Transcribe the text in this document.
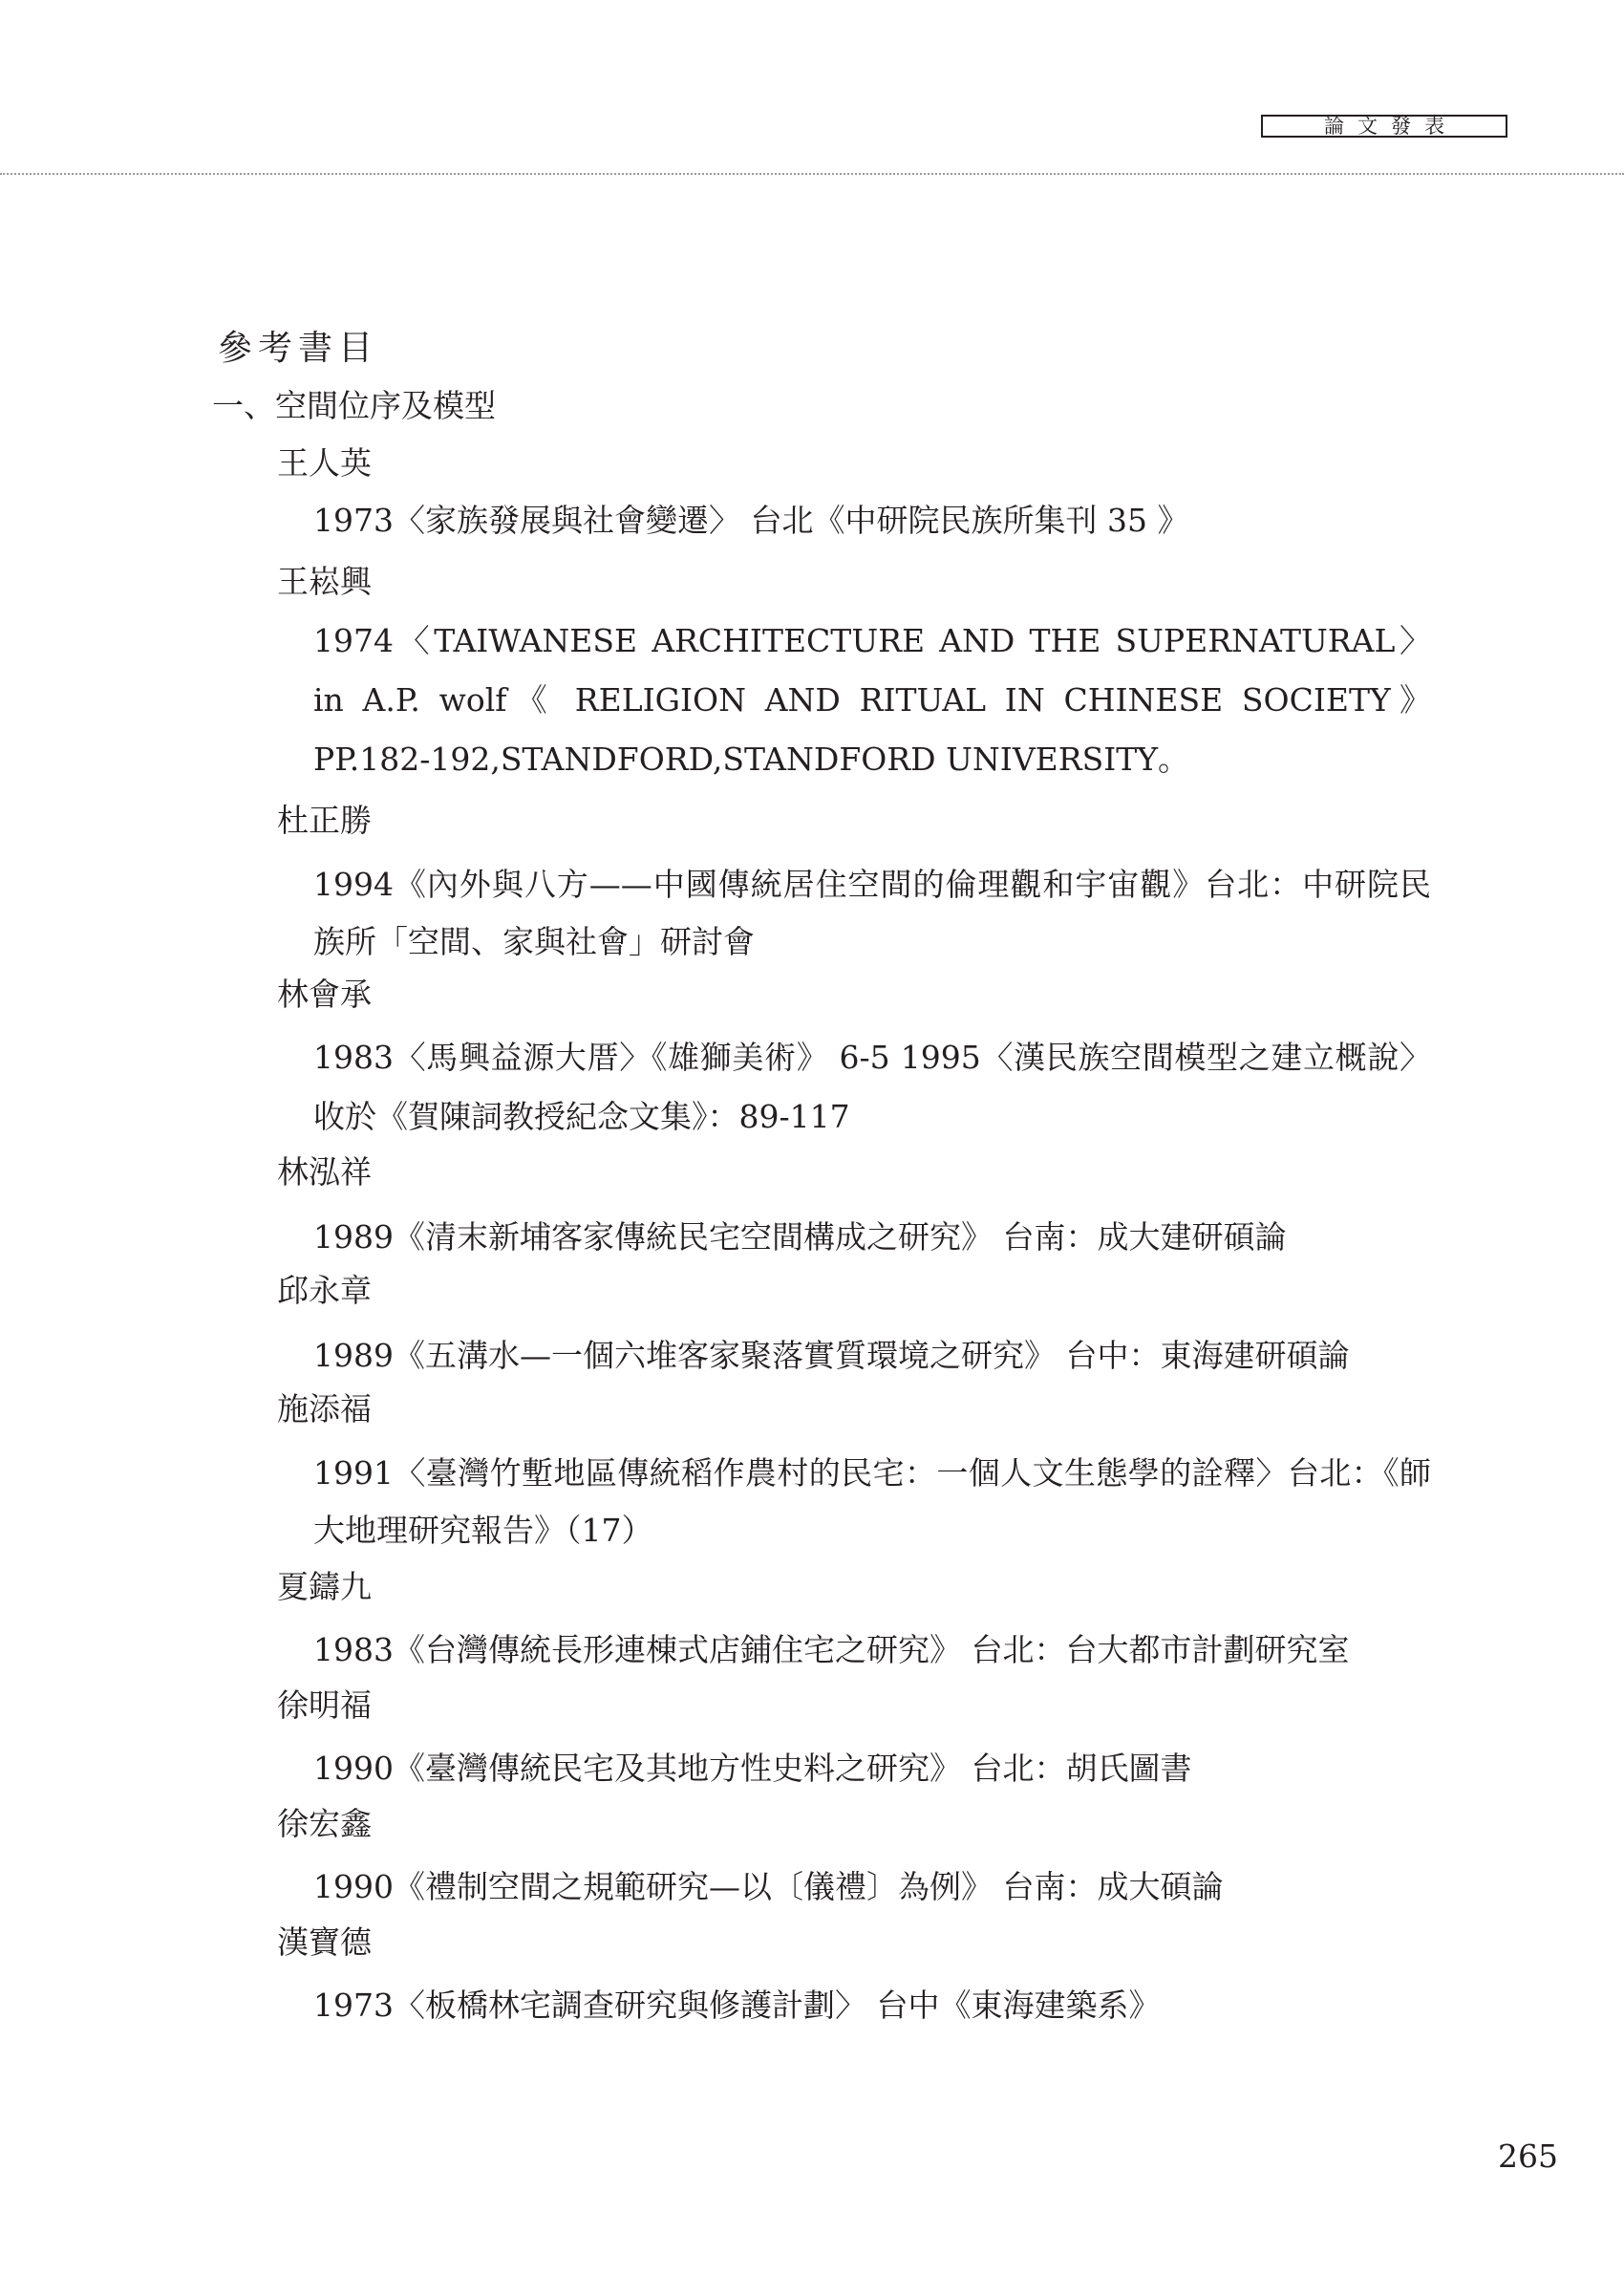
論文發表
參考書目
一、空間位序及模型
王人英
1973〈家族發展與社會變遷〉 台北《中研院民族所集刊 35 》
王崧興
1974〈TAIWANESE ARCHITECTURE AND THE SUPERNATURAL〉 in A.P. wolf《 RELIGION AND RITUAL IN CHINESE SOCIETY》 PP.182-192,STANDFORD,STANDFORD UNIVERSITY。
杜正勝
1994《內外與八方——中國傳統居住空間的倫理觀和宇宙觀》台北：中研院民族所「空間、家與社會」研討會
林會承
1983〈馬興益源大厝〉《雄獅美術》 6-5 1995〈漢民族空間模型之建立概說〉收於《賀陳詞教授紀念文集》：89-117
林泓祥
1989《清末新埔客家傳統民宅空間構成之研究》 台南：成大建研碩論
邱永章
1989《五溝水—一個六堆客家聚落實質環境之研究》 台中：東海建研碩論
施添福
1991〈臺灣竹塹地區傳統稻作農村的民宅：一個人文生態學的詮釋〉台北：《師大地理研究報告》（17）
夏鑄九
1983《台灣傳統長形連棟式店鋪住宅之研究》 台北：台大都市計劃研究室
徐明福
1990《臺灣傳統民宅及其地方性史料之研究》 台北：胡氏圖書
徐宏鑫
1990《禮制空間之規範研究—以〔儀禮〕為例》 台南：成大碩論
漢寶德
1973〈板橋林宅調查研究與修護計劃〉 台中《東海建築系》
265
